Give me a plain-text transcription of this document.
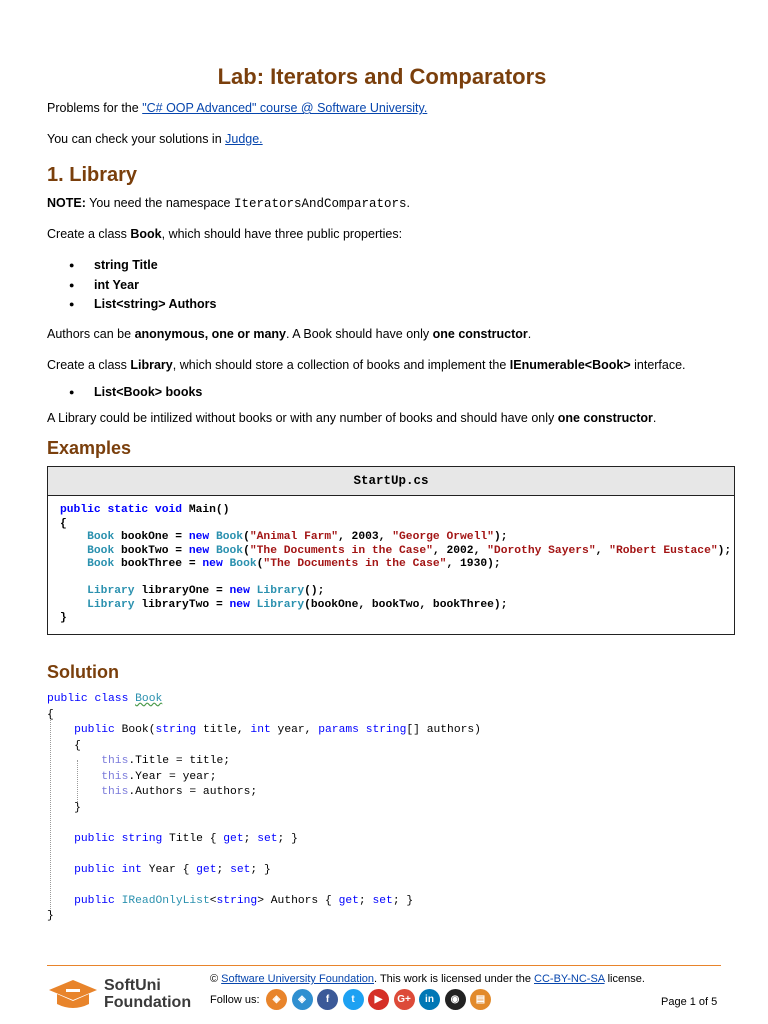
Lab: Iterators and Comparators
Problems for the "C# OOP Advanced" course @ Software University.
You can check your solutions in Judge.
1. Library
NOTE: You need the namespace IteratorsAndComparators.
Create a class Book, which should have three public properties:
● string Title
● int Year
● List<string> Authors
Authors can be anonymous, one or many. A Book should have only one constructor.
Create a class Library, which should store a collection of books and implement the IEnumerable<Book> interface.
● List<Book> books
A Library could be intilized without books or with any number of books and should have only one constructor.
Examples
StartUp.cs
public static void Main()
{
Book bookOne = new Book("Animal Farm", 2003, "George Orwell");
Book bookTwo = new Book("The Documents in the Case", 2002, "Dorothy Sayers", "Robert Eustace");
Book bookThree = new Book("The Documents in the Case", 1930);
Library libraryOne = new Library();
Library libraryTwo = new Library(bookOne, bookTwo, bookThree);
}
Solution
public class Book
{
public Book(string title, int year, params string[] authors)
{
this.Title = title;
this.Year = year;
this.Authors = authors;
}
public string Title { get; set; }
public int Year { get; set; }
public IReadOnlyList<string> Authors { get; set; }
}
SoftUni
Foundation
© Software University Foundation. This work is licensed under the CC-BY-NC-SA license.
Follow us:	◈ ◈ f t ▶ G+ in ◉ ▤	Page 1 of 5
